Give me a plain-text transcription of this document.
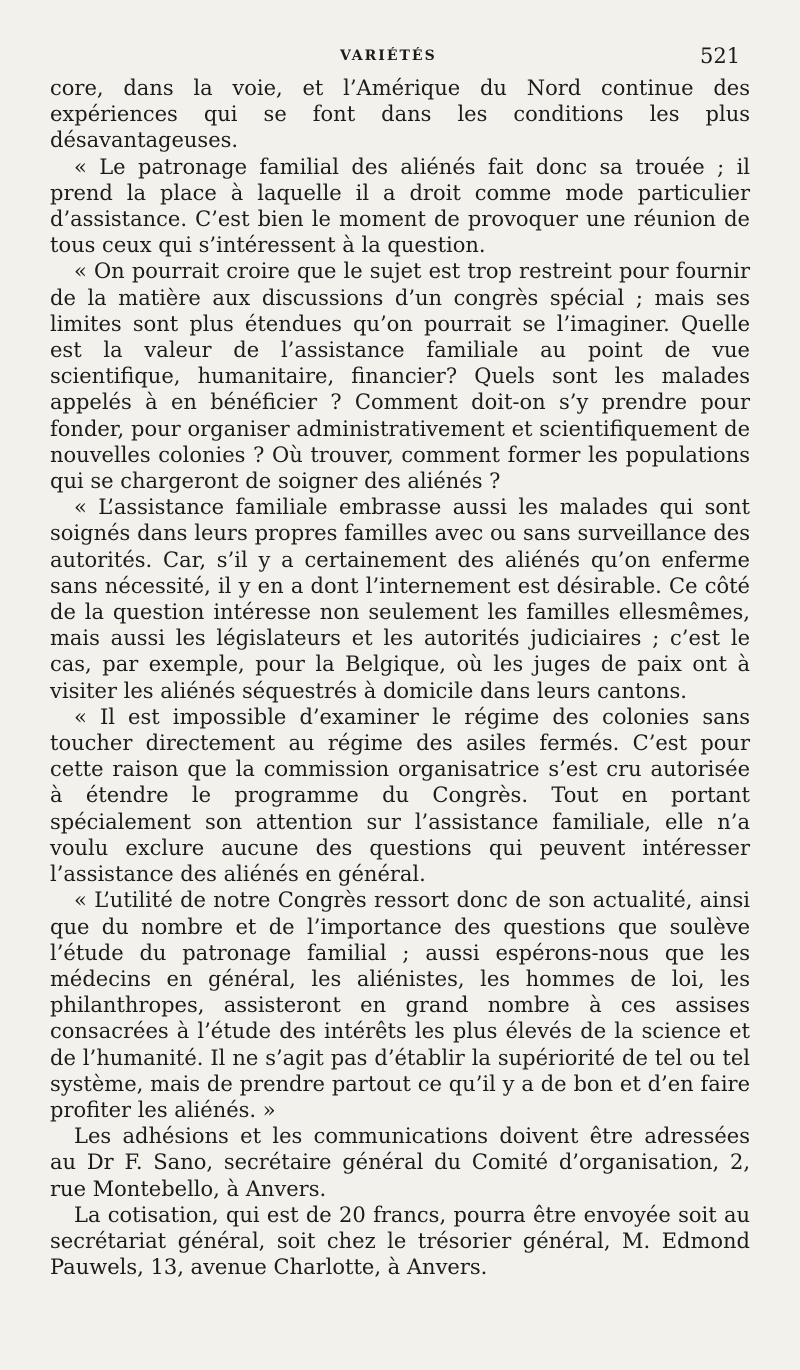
VARIÉTÉS	521

core, dans la voie, et l’Amérique du Nord continue des expériences qui se font dans les conditions les plus désavantageuses.

« Le patronage familial des aliénés fait donc sa trouée ; il prend la place à laquelle il a droit comme mode particulier d’assistance. C’est bien le moment de provoquer une réunion de tous ceux qui s’intéressent à la question.

« On pourrait croire que le sujet est trop restreint pour fournir de la matière aux discussions d’un congrès spécial ; mais ses limites sont plus étendues qu’on pourrait se l’imaginer. Quelle est la valeur de l’assistance familiale au point de vue scientifique, humanitaire, financier? Quels sont les malades appelés à en bénéficier ? Comment doit-on s’y prendre pour fonder, pour organiser administrativement et scientifiquement de nouvelles colonies ? Où trouver, comment former les populations qui se chargeront de soigner des aliénés ?

« L’assistance familiale embrasse aussi les malades qui sont soignés dans leurs propres familles avec ou sans surveillance des autorités. Car, s’il y a certainement des aliénés qu’on enferme sans nécessité, il y en a dont l’internement est désirable. Ce côté de la question intéresse non seulement les familles ellesmêmes, mais aussi les législateurs et les autorités judiciaires ; c’est le cas, par exemple, pour la Belgique, où les juges de paix ont à visiter les aliénés séquestrés à domicile dans leurs cantons.

« Il est impossible d’examiner le régime des colonies sans toucher directement au régime des asiles fermés. C’est pour cette raison que la commission organisatrice s’est cru autorisée à étendre le programme du Congrès. Tout en portant spécialement son attention sur l’assistance familiale, elle n’a voulu exclure aucune des questions qui peuvent intéresser l’assistance des aliénés en général.

« L’utilité de notre Congrès ressort donc de son actualité, ainsi que du nombre et de l’importance des questions que soulève l’étude du patronage familial ; aussi espérons-nous que les médecins en général, les aliénistes, les hommes de loi, les philanthropes, assisteront en grand nombre à ces assises consacrées à l’étude des intérêts les plus élevés de la science et de l’humanité. Il ne s’agit pas d’établir la supériorité de tel ou tel système, mais de prendre partout ce qu’il y a de bon et d’en faire profiter les aliénés. »

Les adhésions et les communications doivent être adressées au Dr F. Sano, secrétaire général du Comité d’organisation, 2, rue Montebello, à Anvers.

La cotisation, qui est de 20 francs, pourra être envoyée soit au secrétariat général, soit chez le trésorier général, M. Edmond Pauwels, 13, avenue Charlotte, à Anvers.
